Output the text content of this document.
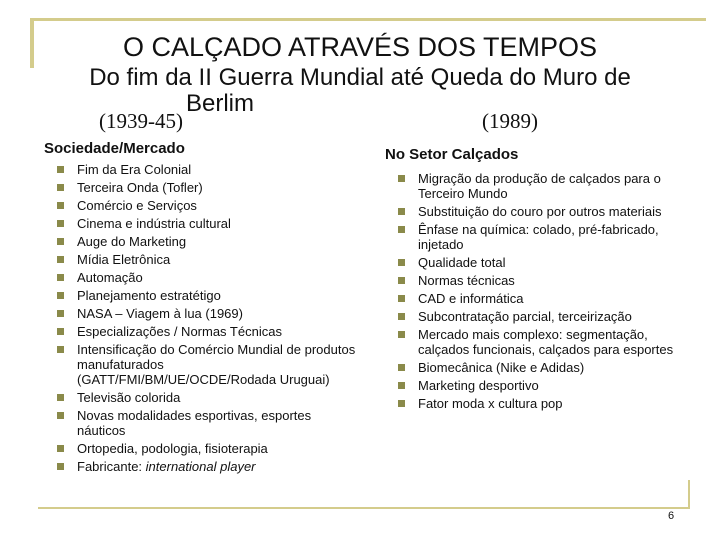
O CALÇADO ATRAVÉS DOS TEMPOS
Do fim da II Guerra Mundial até Queda do Muro de
(1939-45)
Berlim
(1989)
Sociedade/Mercado
Fim da Era Colonial
Terceira Onda (Tofler)
Comércio e Serviços
Cinema e indústria cultural
Auge do Marketing
Mídia Eletrônica
Automação
Planejamento estratétigo
NASA – Viagem à lua (1969)
Especializações / Normas Técnicas
Intensificação do Comércio Mundial de produtos manufaturados (GATT/FMI/BM/UE/OCDE/Rodada Uruguai)
Televisão colorida
Novas modalidades esportivas, esportes náuticos
Ortopedia, podologia, fisioterapia
Fabricante: international player
No Setor Calçados
Migração da produção de calçados para o Terceiro Mundo
Substituição do couro por outros materiais
Ênfase na química: colado, pré-fabricado, injetado
Qualidade total
Normas técnicas
CAD e informática
Subcontratação parcial, terceirização
Mercado mais complexo: segmentação, calçados funcionais, calçados para esportes
Biomecânica (Nike e Adidas)
Marketing desportivo
Fator moda x cultura pop
6
